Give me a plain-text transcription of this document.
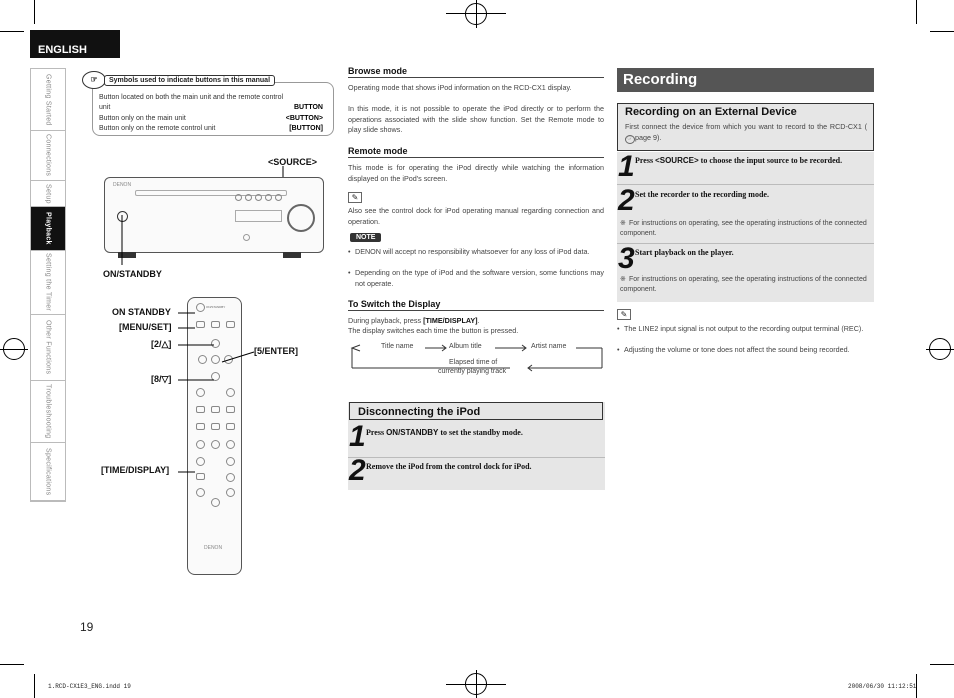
ENGLISH
Getting Started
Connections
Setup
Playback
Setting the Timer
Other Functions
Troubleshooting
Specifications
19
1.RCD-CX1E3_ENG.indd 19	2008/06/30 11:12:51
☞	Symbols used to indicate buttons in this manual
Button located on both the main unit and the remote control
unit	BUTTON
Button only on the main unit	<BUTTON>
Button only on the remote control unit	[BUTTON]
<SOURCE>
DENON
ON/STANDBY
ON/STANDBY
DENON
ON STANDBY
[MENU/SET]
[2/△]
[5/ENTER]
[8/▽]
[TIME/DISPLAY]
Browse mode
Operating mode that shows iPod information on the RCD-CX1 display.
In this mode, it is not possible to operate the iPod directly or to perform the operations associated with the slide show function. Set the Remote mode to play slide shows.
Remote mode
This mode is for operating the iPod directly while watching the information displayed on the iPod's screen.
✎
Also see the control dock for iPod operating manual regarding connection and operation.
NOTE
• DENON will accept no responsibility whatsoever for any loss of iPod data.
• Depending on the type of iPod and the software version, some functions may not operate.
To Switch the Display
During playback, press [TIME/DISPLAY].
The display switches each time the button is pressed.
Title name	Album title	Artist name
Elapsed time of
currently playing track
Disconnecting the iPod
1 Press ON/STANDBY to set the standby mode.
2 Remove the iPod from the control dock for iPod.
Recording
Recording on an External Device
First connect the device from which you want to record to the RCD-CX1 (☞ page 9).
1 Press <SOURCE> to choose the input source to be recorded.
2 Set the recorder to the recording mode.
※ For instructions on operating, see the operating instructions of the connected component.
3 Start playback on the player.
※ For instructions on operating, see the operating instructions of the connected component.
✎
• The LINE2 input signal is not output to the recording output terminal (REC).
• Adjusting the volume or tone does not affect the sound being recorded.
